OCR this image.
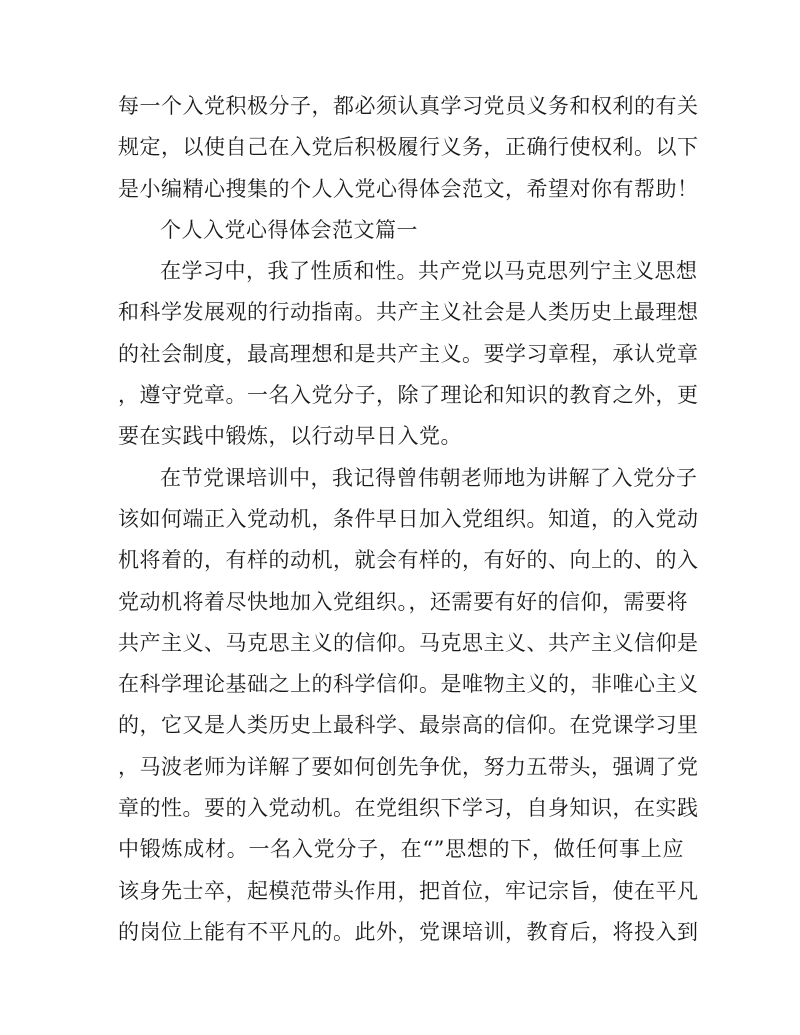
每一个入党积极分子，都必须认真学习党员义务和权利的有关
规定，以使自己在入党后积极履行义务，正确行使权利。以下
是小编精心搜集的个人入党心得体会范文，希望对你有帮助！
个人入党心得体会范文篇一
在学习中，我了性质和性。共产党以马克思列宁主义思想
和科学发展观的行动指南。共产主义社会是人类历史上最理想
的社会制度，最高理想和是共产主义。要学习章程，承认党章
，遵守党章。一名入党分子，除了理论和知识的教育之外，更
要在实践中锻炼，以行动早日入党。
在节党课培训中，我记得曾伟朝老师地为讲解了入党分子
该如何端正入党动机，条件早日加入党组织。知道，的入党动
机将着的，有样的动机，就会有样的，有好的、向上的、的入
党动机将着尽快地加入党组织。，还需要有好的信仰，需要将
共产主义、马克思主义的信仰。马克思主义、共产主义信仰是
在科学理论基础之上的科学信仰。是唯物主义的，非唯心主义
的，它又是人类历史上最科学、最崇高的信仰。在党课学习里
，马波老师为详解了要如何创先争优，努力五带头，强调了党
章的性。要的入党动机。在党组织下学习，自身知识，在实践
中锻炼成材。一名入党分子，在“”思想的下，做任何事上应
该身先士卒，起模范带头作用，把首位，牢记宗旨，使在平凡
的岗位上能有不平凡的。此外，党课培训，教育后，将投入到
